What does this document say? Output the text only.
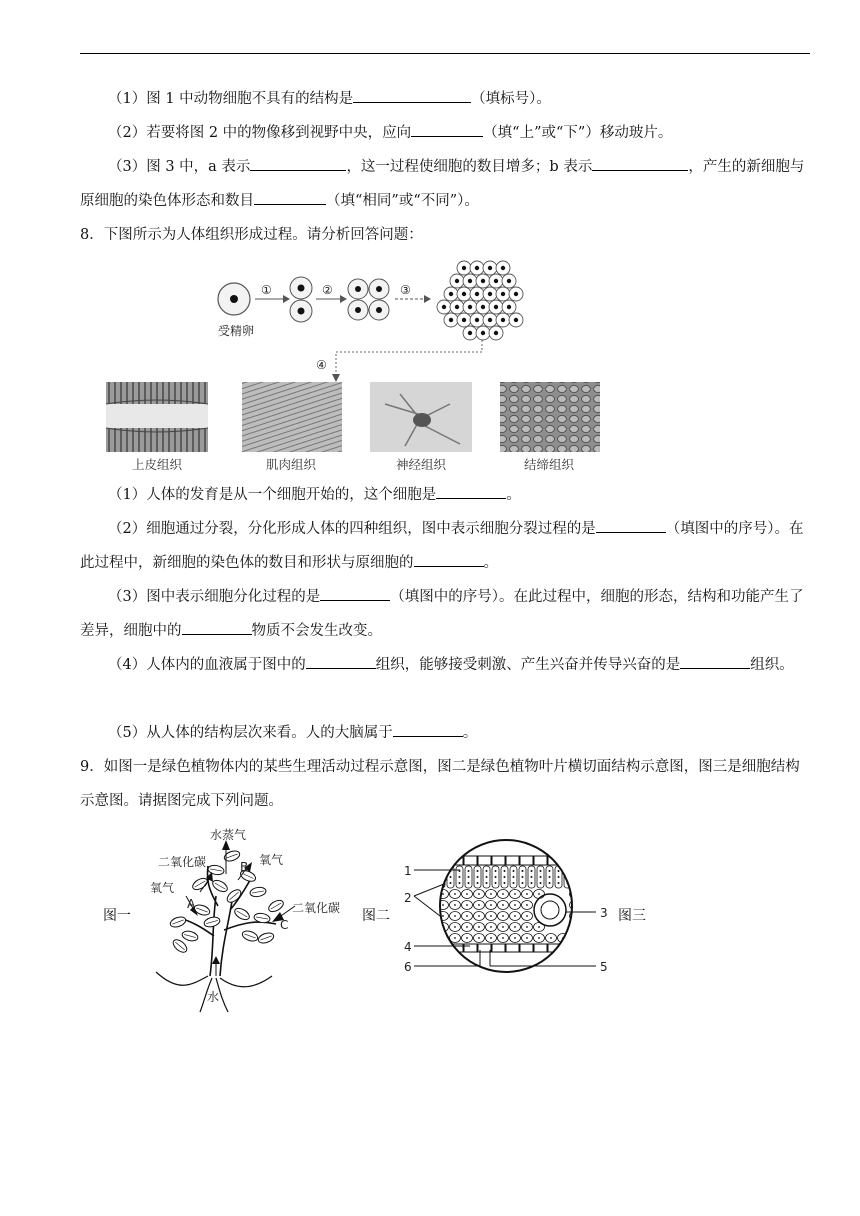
（1）图 1 中动物细胞不具有的结构是	（填标号）。
（2）若要将图 2 中的物像移到视野中央，应向	（填“上”或“下”）移动玻片。
（3）图 3 中，a 表示	，这一过程使细胞的数目增多；b 表示	，产生的新细胞与原细胞的染色体形态和数目	（填“相同”或“不同”）。
8．下图所示为人体组织形成过程。请分析回答问题：
受精卵
①	②	③
④
上皮组织	肌肉组织	神经组织	结缔组织
（1）人体的发育是从一个细胞开始的，这个细胞是	。
（2）细胞通过分裂，分化形成人体的四种组织，图中表示细胞分裂过程的是	（填图中的序号）。在此过程中，新细胞的染色体的数目和形状与原细胞的	。
（3）图中表示细胞分化过程的是	（填图中的序号）。在此过程中，细胞的形态，结构和功能产生了差异，细胞中的	物质不会发生改变。
（4）人体内的血液属于图中的	组织，能够接受刺激、产生兴奋并传导兴奋的是	组织。
（5）从人体的结构层次来看。人的大脑属于	。
9．如图一是绿色植物体内的某些生理活动过程示意图，图二是绿色植物叶片横切面结构示意图，图三是细胞结构示意图。请据图完成下列问题。
图一
水蒸气
二氧化碳	氧气
氧气
B
A
C
二氧化碳
水
图二
1
2
3
4
5
6
图三
